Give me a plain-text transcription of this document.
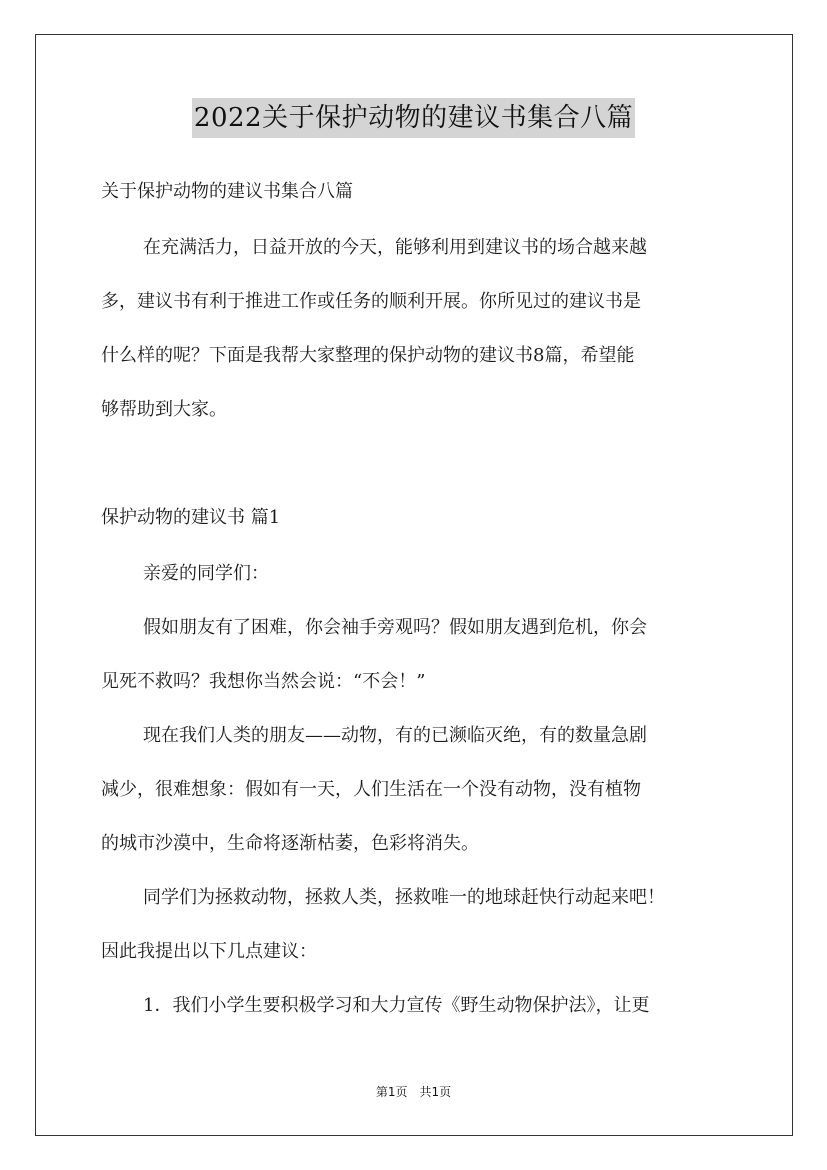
2022关于保护动物的建议书集合八篇
关于保护动物的建议书集合八篇
在充满活力，日益开放的今天，能够利用到建议书的场合越来越
多，建议书有利于推进工作或任务的顺利开展。你所见过的建议书是
什么样的呢？下面是我帮大家整理的保护动物的建议书8篇，希望能
够帮助到大家。
保护动物的建议书 篇1
亲爱的同学们：
假如朋友有了困难，你会袖手旁观吗？假如朋友遇到危机，你会
见死不救吗？我想你当然会说：“不会！”
现在我们人类的朋友——动物，有的已濒临灭绝，有的数量急剧
减少，很难想象：假如有一天，人们生活在一个没有动物，没有植物
的城市沙漠中，生命将逐渐枯萎，色彩将消失。
同学们为拯救动物，拯救人类，拯救唯一的地球赶快行动起来吧！
因此我提出以下几点建议：
1．我们小学生要积极学习和大力宣传《野生动物保护法》，让更
第1页　共1页
